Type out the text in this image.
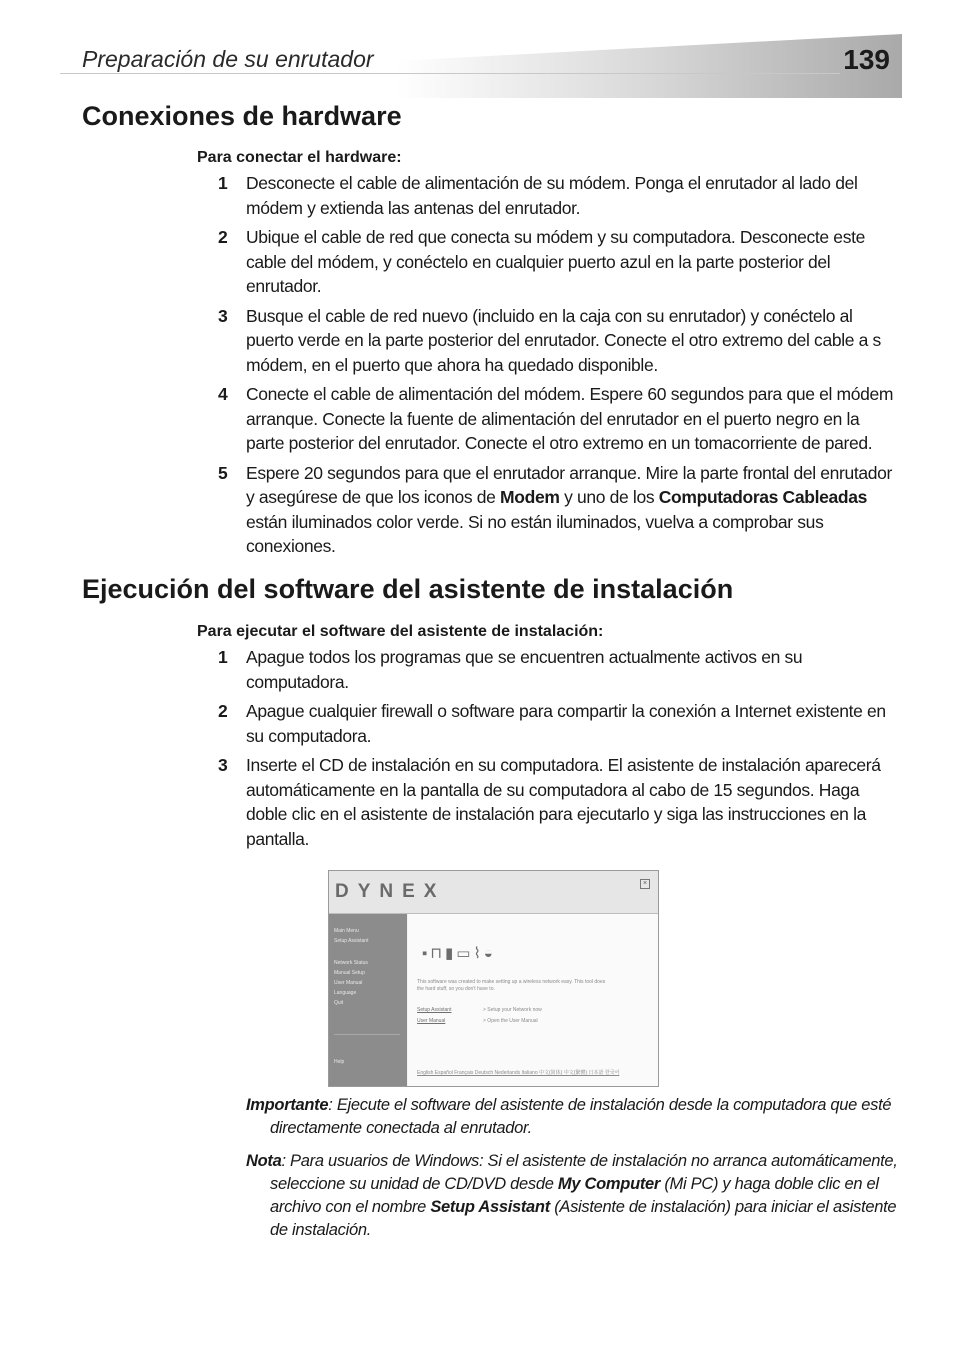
Preparación de su enrutador	139
Conexiones de hardware
Para conectar el hardware:
1 Desconecte el cable de alimentación de su módem. Ponga el enrutador al lado del módem y extienda las antenas del enrutador.
2 Ubique el cable de red que conecta su módem y su computadora. Desconecte este cable del módem, y conéctelo en cualquier puerto azul en la parte posterior del enrutador.
3 Busque el cable de red nuevo (incluido en la caja con su enrutador) y conéctelo al puerto verde en la parte posterior del enrutador. Conecte el otro extremo del cable a s módem, en el puerto que ahora ha quedado disponible.
4 Conecte el cable de alimentación del módem. Espere 60 segundos para que el módem arranque. Conecte la fuente de alimentación del enrutador en el puerto negro en la parte posterior del enrutador. Conecte el otro extremo en un tomacorriente de pared.
5 Espere 20 segundos para que el enrutador arranque. Mire la parte frontal del enrutador y asegúrese de que los iconos de Modem y uno de los Computadoras Cableadas están iluminados color verde. Si no están iluminados, vuelva a comprobar sus conexiones.
Ejecución del software del asistente de instalación
Para ejecutar el software del asistente de instalación:
1 Apague todos los programas que se encuentren actualmente activos en su computadora.
2 Apague cualquier firewall o software para compartir la conexión a Internet existente en su computadora.
3 Inserte el CD de instalación en su computadora. El asistente de instalación aparecerá automáticamente en la pantalla de su computadora al cabo de 15 segundos. Haga doble clic en el asistente de instalación para ejecutarlo y siga las instrucciones en la pantalla.
DYNEX	×
Main Menu
Setup Assistant
Network Status
Manual Setup
User Manual
Language
Quit
Help
▪⊓▮▭⌇◒
This software was created to make setting up a wireless network easy. This tool does
the hard stuff, so you don't have to.
Setup Assistant	> Setup your Network now
User Manual	> Open the User Manual
English Español Français Deutsch Nederlands Italiano 中文(简体) 中文(繁體) 日本語 한국어
Importante: Ejecute el software del asistente de instalación desde la computadora que esté directamente conectada al enrutador.
Nota: Para usuarios de Windows: Si el asistente de instalación no arranca automáticamente, seleccione su unidad de CD/DVD desde My Computer (Mi PC) y haga doble clic en el archivo con el nombre Setup Assistant (Asistente de instalación) para iniciar el asistente de instalación.
